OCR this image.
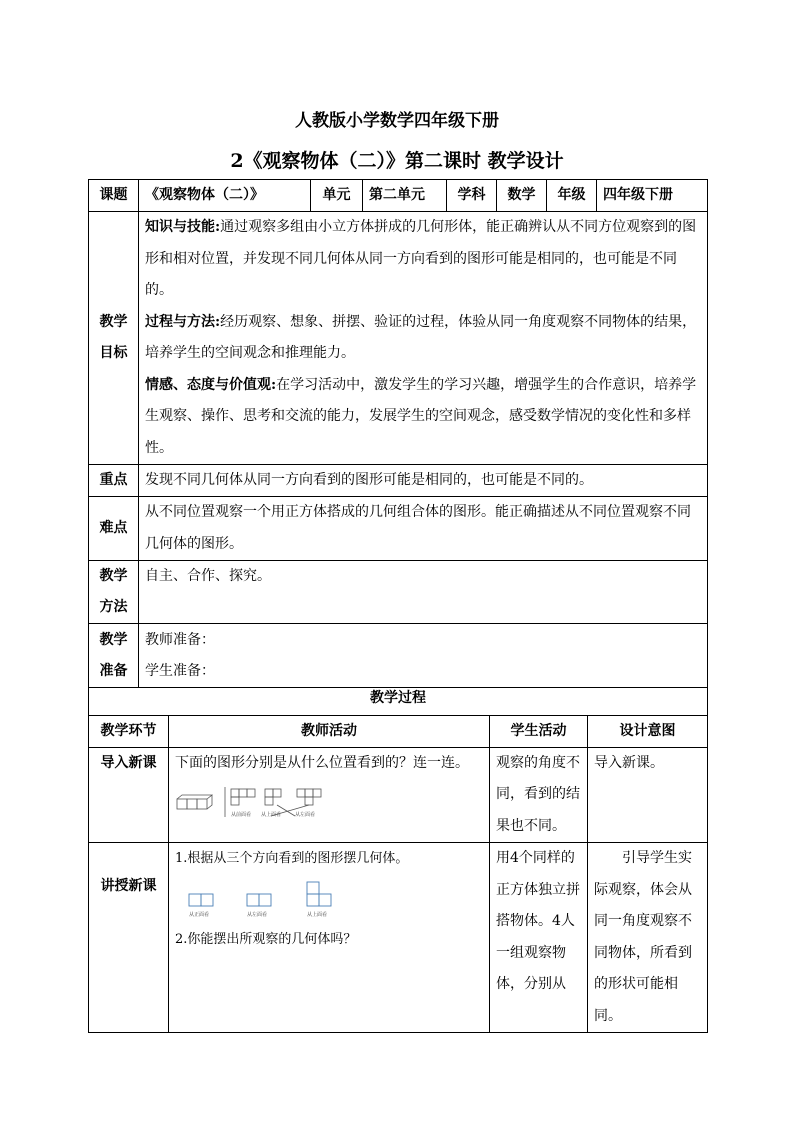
人教版小学数学四年级下册
2《观察物体（二）》第二课时 教学设计
课题	《观察物体（二）》	单元	第二单元	学科	数学	年级	四年级下册
教学
目标	知识与技能:通过观察多组由小立方体拼成的几何形体，能正确辨认从不同方位观察到的图形和相对位置，并发现不同几何体从同一方向看到的图形可能是相同的，也可能是不同的。
过程与方法:经历观察、想象、拼摆、验证的过程，体验从同一角度观察不同物体的结果，培养学生的空间观念和推理能力。
情感、态度与价值观:在学习活动中，激发学生的学习兴趣，增强学生的合作意识，培养学生观察、操作、思考和交流的能力，发展学生的空间观念，感受数学情况的变化性和多样性。						
重点	发现不同几何体从同一方向看到的图形可能是相同的，也可能是不同的。						
难点	从不同位置观察一个用正方体搭成的几何组合体的图形。能正确描述从不同位置观察不同几何体的图形。						
教学
方法	自主、合作、探究。						
教学
准备	教师准备：
学生准备：						
教学过程			
教学环节	教师活动	学生活动	设计意图
导入新课	下面的图形分别是从什么位置看到的？连一连。
从前面看 从上面看 从左面看	观察的角度不同，看到的结果也不同。	导入新课。
讲授新课	1.根据从三个方向看到的图形摆几何体。
从正面看 从左面看 从上面看
2.你能摆出所观察的几何体吗？	用4个同样的正方体独立拼搭物体。4人一组观察物体，分别从	引导学生实际观察，体会从同一角度观察不同物体，所看到的形状可能相同。
